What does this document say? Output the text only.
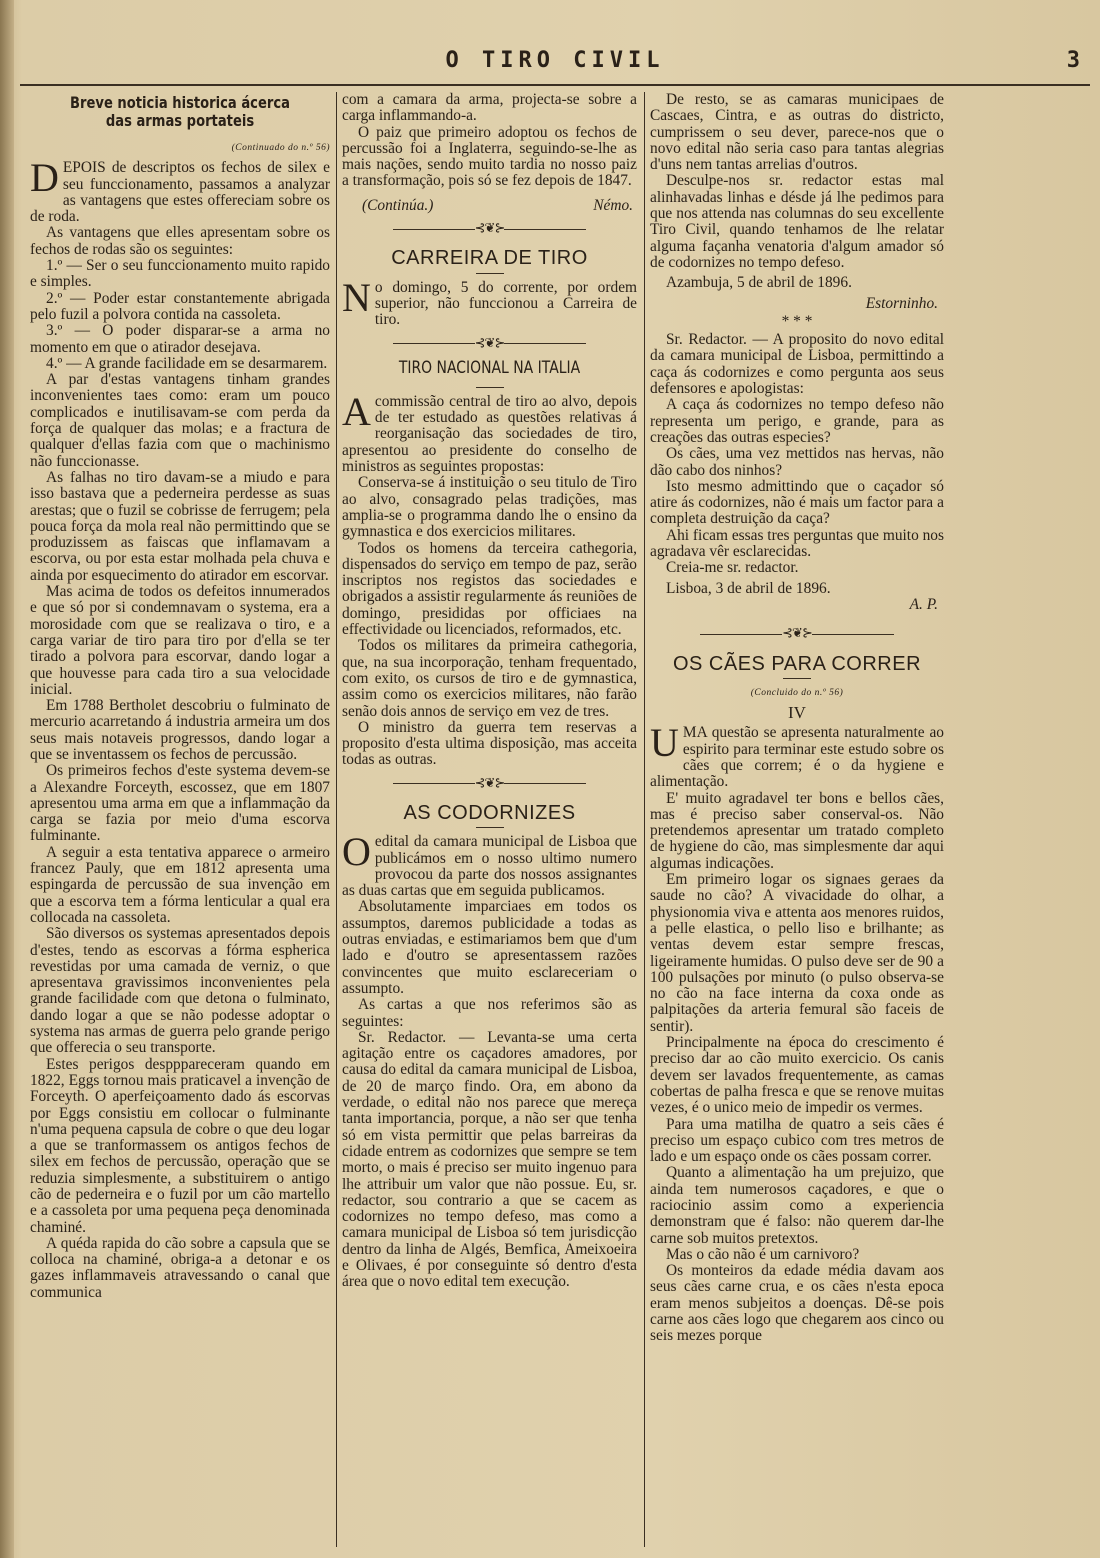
O TIRO CIVIL	3
Breve noticia historica ácerca das armas portateis
(Continuado do n.º 56)

DEPOIS de descriptos os fechos de silex e seu funccionamento, passamos a analyzar as vantagens que estes offereciam sobre os de roda.

As vantagens que elles apresentam sobre os fechos de rodas são os seguintes:

1.º — Ser o seu funccionamento muito rapido e simples.

2.º — Poder estar constantemente abrigada pelo fuzil a polvora contida na cassoleta.

3.º — O poder disparar-se a arma no momento em que o atirador desejava.

4.º — A grande facilidade em se desarmarem.

A par d'estas vantagens tinham grandes inconvenientes taes como: eram um pouco complicados e inutilisavam-se com perda da força de qualquer das molas; e a fractura de qualquer d'ellas fazia com que o machinismo não funccionasse.

As falhas no tiro davam-se a miudo e para isso bastava que a pederneira perdesse as suas arestas; que o fuzil se cobrisse de ferrugem; pela pouca força da mola real não permittindo que se produzissem as faiscas que inflamavam a escorva, ou por esta estar molhada pela chuva e ainda por esquecimento do atirador em escorvar.

Mas acima de todos os defeitos innumerados e que só por si condemnavam o systema, era a morosidade com que se realizava o tiro, e a carga variar de tiro para tiro por d'ella se ter tirado a polvora para escorvar, dando logar a que houvesse para cada tiro a sua velocidade inicial.

Em 1788 Bertholet descobriu o fulminato de mercurio acarretando á industria armeira um dos seus mais notaveis progressos, dando logar a que se inventassem os fechos de percussão.

Os primeiros fechos d'este systema devem-se a Alexandre Forceyth, escossez, que em 1807 apresentou uma arma em que a inflammação da carga se fazia por meio d'uma escorva fulminante.

A seguir a esta tentativa apparece o armeiro francez Pauly, que em 1812 apresenta uma espingarda de percussão de sua invenção em que a escorva tem a fórma lenticular a qual era collocada na cassoleta.

São diversos os systemas apresentados depois d'estes, tendo as escorvas a fórma espherica revestidas por uma camada de verniz, o que apresentava gravissimos inconvenientes pela grande facilidade com que detona o fulminato, dando logar a que se não podesse adoptar o systema nas armas de guerra pelo grande perigo que offerecia o seu transporte.

Estes perigos despppareceram quando em 1822, Eggs tornou mais praticavel a invenção de Forceyth. O aperfeiçoamento dado ás escorvas por Eggs consistiu em collocar o fulminante n'uma pequena capsula de cobre o que deu logar a que se tranformassem os antigos fechos de silex em fechos de percussão, operação que se reduzia simplesmente, a substituirem o antigo cão de pederneira e o fuzil por um cão martello e a cassoleta por uma pequena peça denominada chaminé.

A quéda rapida do cão sobre a capsula que se colloca na chaminé, obriga-a a detonar e os gazes inflammaveis atravessando o canal que communica

com a camara da arma, projecta-se sobre a carga inflammando-a.

O paiz que primeiro adoptou os fechos de percussão foi a Inglaterra, seguindo-se-lhe as mais nações, sendo muito tardia no nosso paiz a transformação, pois só se fez depois de 1847.

(Continúa.)	Némo.
⊰❦⊱
CARREIRA DE TIRO

No domingo, 5 do corrente, por ordem superior, não funccionou a Carreira de tiro.

⊰❦⊱
TIRO NACIONAL NA ITALIA

Acommissão central de tiro ao alvo, depois de ter estudado as questões relativas á reorganisação das sociedades de tiro, apresentou ao presidente do conselho de ministros as seguintes propostas:

Conserva-se á instituição o seu titulo de Tiro ao alvo, consagrado pelas tradições, mas amplia-se o programma dando lhe o ensino da gymnastica e dos exercicios militares.

Todos os homens da terceira cathegoria, dispensados do serviço em tempo de paz, serão inscriptos nos registos das sociedades e obrigados a assistir regularmente ás reuniões de domingo, presididas por officiaes na effectividade ou licenciados, reformados, etc.

Todos os militares da primeira cathegoria, que, na sua incorporação, tenham frequentado, com exito, os cursos de tiro e de gymnastica, assim como os exercicios militares, não farão senão dois annos de serviço em vez de tres.

O ministro da guerra tem reservas a proposito d'esta ultima disposição, mas acceita todas as outras.

⊰❦⊱
AS CODORNIZES

Oedital da camara municipal de Lisboa que publicámos em o nosso ultimo numero provocou da parte dos nossos assignantes as duas cartas que em seguida publicamos.

Absolutamente imparciaes em todos os assumptos, daremos publicidade a todas as outras enviadas, e estimariamos bem que d'um lado e d'outro se apresentassem razões convincentes que muito esclareceriam o assumpto.

As cartas a que nos referimos são as seguintes:

Sr. Redactor. — Levanta-se uma certa agitação entre os caçadores amadores, por causa do edital da camara municipal de Lisboa, de 20 de março findo. Ora, em abono da verdade, o edital não nos parece que mereça tanta importancia, porque, a não ser que tenha só em vista permittir que pelas barreiras da cidade entrem as codornizes que sempre se tem morto, o mais é preciso ser muito ingenuo para lhe attribuir um valor que não possue. Eu, sr. redactor, sou contrario a que se cacem as codornizes no tempo defeso, mas como a camara municipal de Lisboa só tem jurisdicção dentro da linha de Algés, Bemfica, Ameixoeira e Olivaes, é por conseguinte só dentro d'esta área que o novo edital tem execução.

De resto, se as camaras municipaes de Cascaes, Cintra, e as outras do districto, cumprissem o seu dever, parece-nos que o novo edital não seria caso para tantas alegrias d'uns nem tantas arrelias d'outros.

Desculpe-nos sr. redactor estas mal alinhavadas linhas e désde já lhe pedimos para que nos attenda nas columnas do seu excellente Tiro Civil, quando tenhamos de lhe relatar alguma façanha venatoria d'algum amador só de codornizes no tempo defeso.

Azambuja, 5 de abril de 1896.

Estorninho.
* * *

Sr. Redactor. — A proposito do novo edital da camara municipal de Lisboa, permittindo a caça ás codornizes e como pergunta aos seus defensores e apologistas:

A caça ás codornizes no tempo defeso não representa um perigo, e grande, para as creações das outras especies?

Os cães, uma vez mettidos nas hervas, não dão cabo dos ninhos?

Isto mesmo admittindo que o caçador só atire ás codornizes, não é mais um factor para a completa destruição da caça?

Ahi ficam essas tres perguntas que muito nos agradava vêr esclarecidas.

Creia-me sr. redactor.

Lisboa, 3 de abril de 1896.

A. P.
⊰❦⊱
OS CÃES PARA CORRER
(Concluido do n.º 56)
IV

UMA questão se apresenta naturalmente ao espirito para terminar este estudo sobre os cães que correm; é o da hygiene e alimentação.

E' muito agradavel ter bons e bellos cães, mas é preciso saber conserval-os. Não pretendemos apresentar um tratado completo de hygiene do cão, mas simplesmente dar aqui algumas indicações.

Em primeiro logar os signaes geraes da saude no cão? A vivacidade do olhar, a physionomia viva e attenta aos menores ruidos, a pelle elastica, o pello liso e brilhante; as ventas devem estar sempre frescas, ligeiramente humidas. O pulso deve ser de 90 a 100 pulsações por minuto (o pulso observa-se no cão na face interna da coxa onde as palpitações da arteria femural são faceis de sentir).

Principalmente na época do crescimento é preciso dar ao cão muito exercicio. Os canis devem ser lavados frequentemente, as camas cobertas de palha fresca e que se renove muitas vezes, é o unico meio de impedir os vermes.

Para uma matilha de quatro a seis cães é preciso um espaço cubico com tres metros de lado e um espaço onde os cães possam correr.

Quanto a alimentação ha um prejuizo, que ainda tem numerosos caçadores, e que o raciocinio assim como a experiencia demonstram que é falso: não querem dar-lhe carne sob muitos pretextos.

Mas o cão não é um carnivoro?

Os monteiros da edade média davam aos seus cães carne crua, e os cães n'esta epoca eram menos subjeitos a doenças. Dê-se pois carne aos cães logo que chegarem aos cinco ou seis mezes porque
